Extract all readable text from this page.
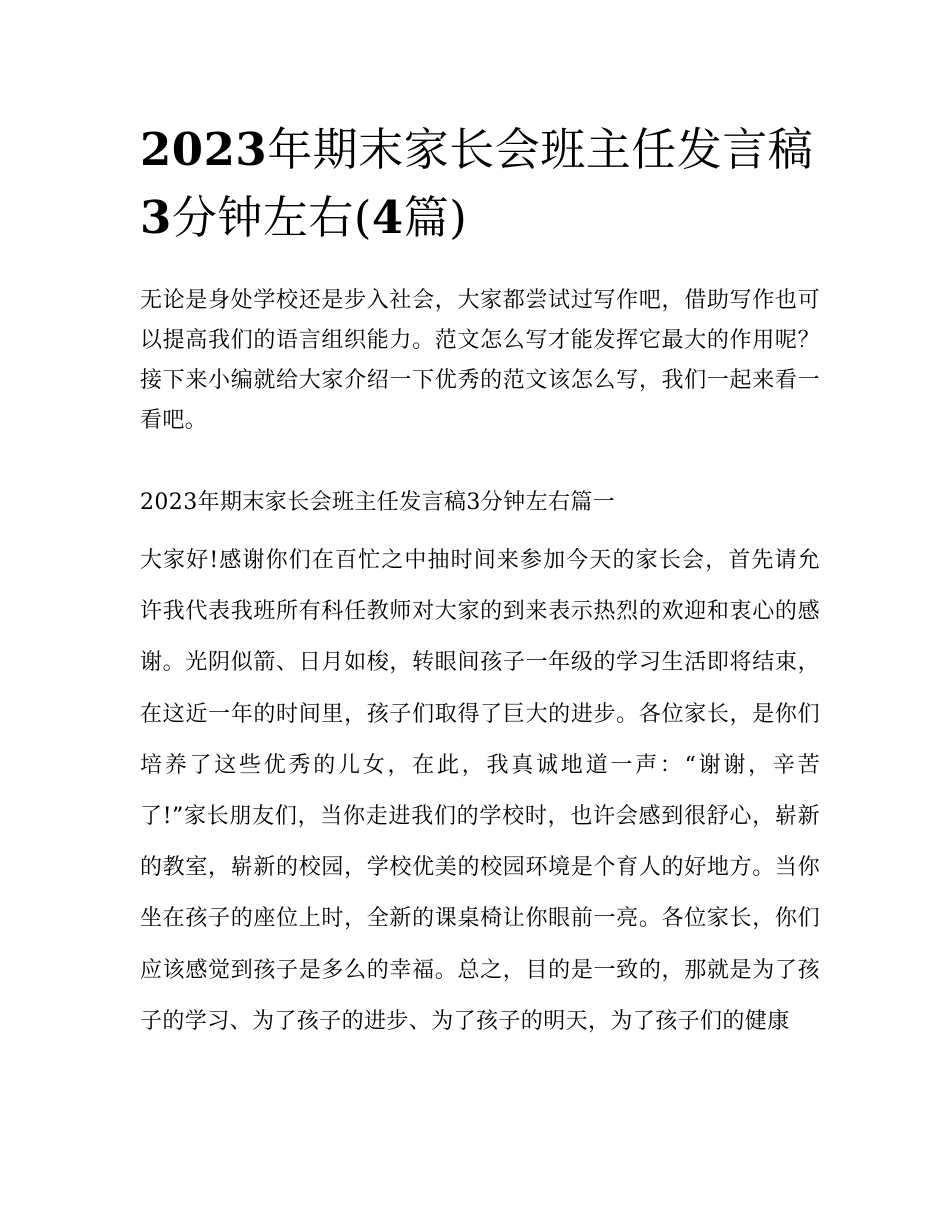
2023年期末家长会班主任发言稿3分钟左右(4篇)

无论是身处学校还是步入社会，大家都尝试过写作吧，借助写作也可以提高我们的语言组织能力。范文怎么写才能发挥它最大的作用呢？接下来小编就给大家介绍一下优秀的范文该怎么写，我们一起来看一看吧。

2023年期末家长会班主任发言稿3分钟左右篇一

大家好!感谢你们在百忙之中抽时间来参加今天的家长会，首先请允许我代表我班所有科任教师对大家的到来表示热烈的欢迎和衷心的感谢。光阴似箭、日月如梭，转眼间孩子一年级的学习生活即将结束，在这近一年的时间里，孩子们取得了巨大的进步。各位家长，是你们培养了这些优秀的儿女，在此，我真诚地道一声：“谢谢，辛苦了!”家长朋友们，当你走进我们的学校时，也许会感到很舒心，崭新的教室，崭新的校园，学校优美的校园环境是个育人的好地方。当你坐在孩子的座位上时，全新的课桌椅让你眼前一亮。各位家长，你们应该感觉到孩子是多么的幸福。总之，目的是一致的，那就是为了孩子的学习、为了孩子的进步、为了孩子的明天，为了孩子们的健康
